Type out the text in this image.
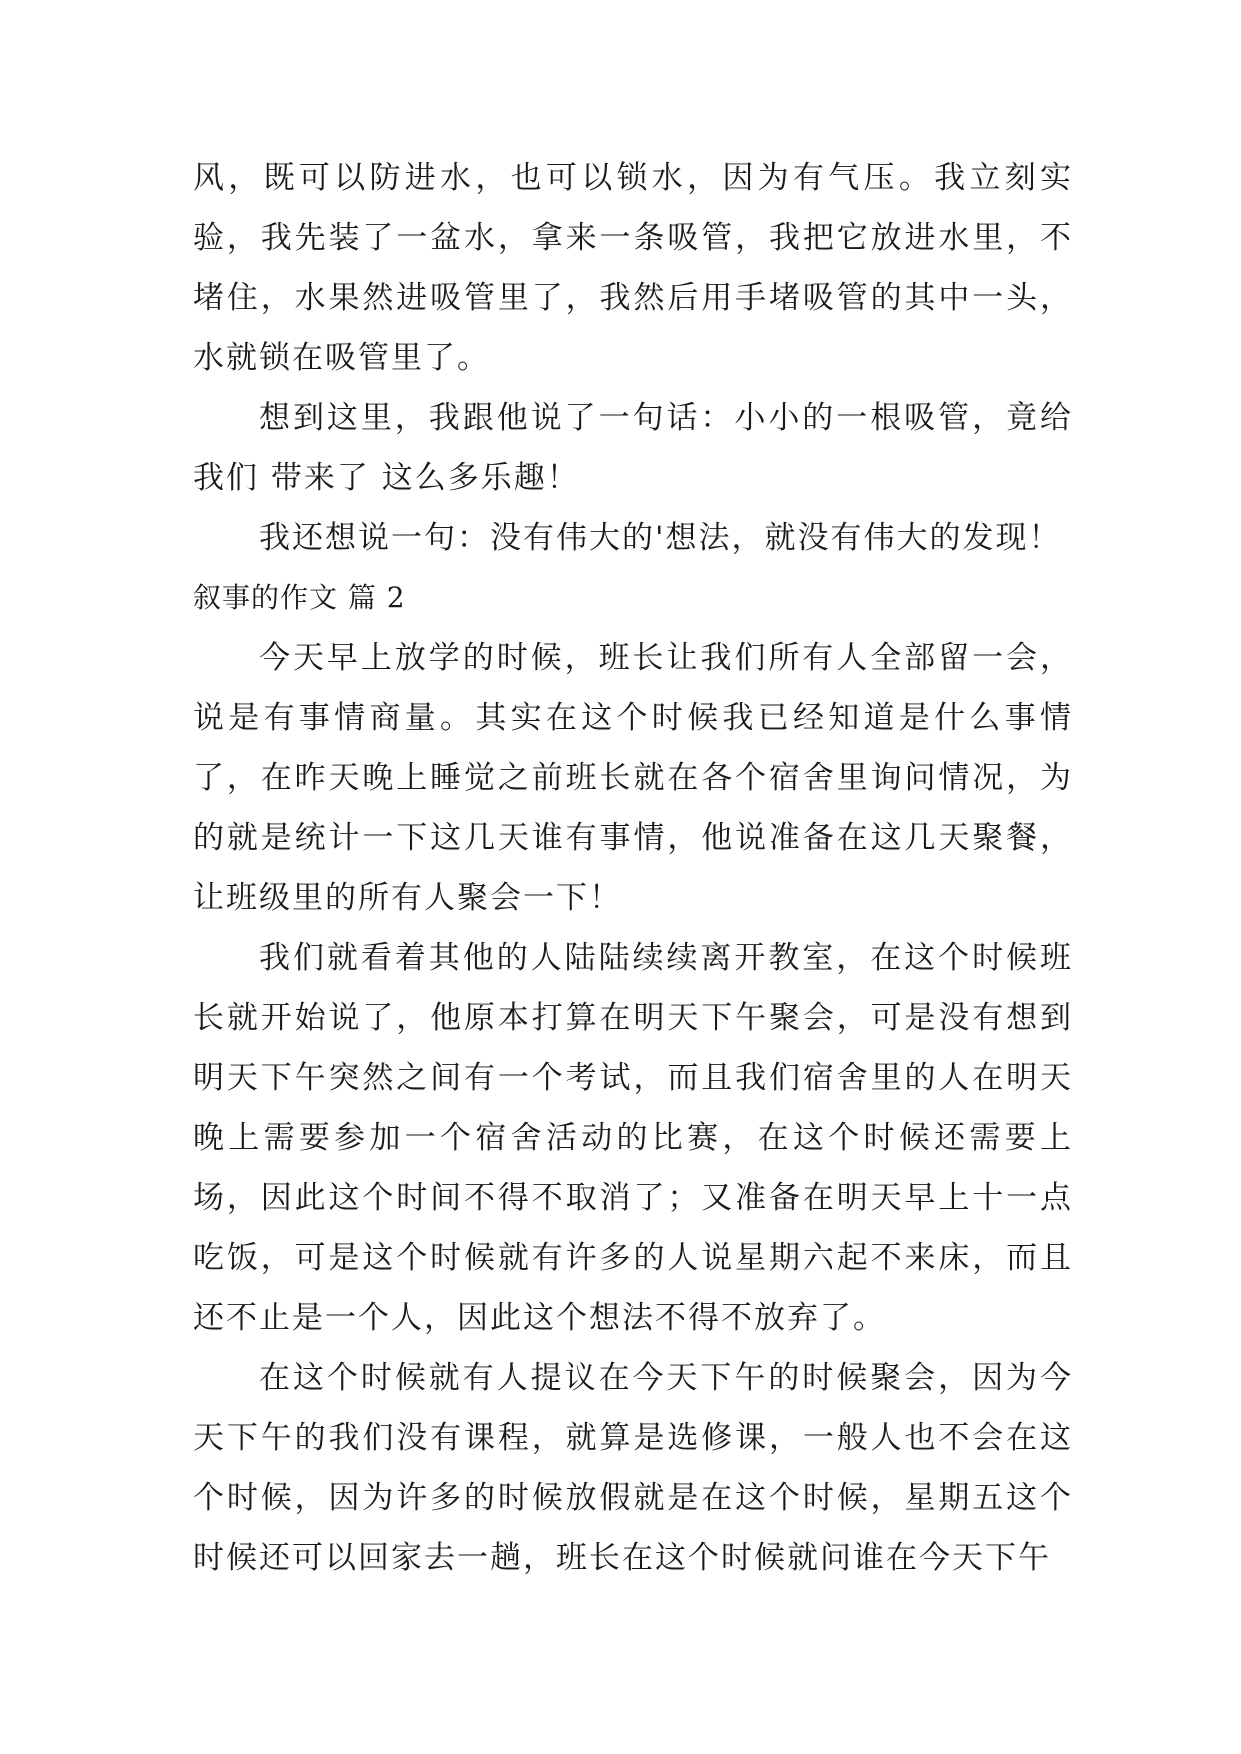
风，既可以防进水，也可以锁水，因为有气压。我立刻实验，我先装了一盆水，拿来一条吸管，我把它放进水里，不堵住，水果然进吸管里了，我然后用手堵吸管的其中一头，水就锁在吸管里了。

想到这里，我跟他说了一句话：小小的一根吸管，竟给我们 带来了 这么多乐趣！

我还想说一句：没有伟大的'想法，就没有伟大的发现！

叙事的作文 篇 2

今天早上放学的时候，班长让我们所有人全部留一会，说是有事情商量。其实在这个时候我已经知道是什么事情了，在昨天晚上睡觉之前班长就在各个宿舍里询问情况，为的就是统计一下这几天谁有事情，他说准备在这几天聚餐，让班级里的所有人聚会一下！

我们就看着其他的人陆陆续续离开教室，在这个时候班长就开始说了，他原本打算在明天下午聚会，可是没有想到明天下午突然之间有一个考试，而且我们宿舍里的人在明天晚上需要参加一个宿舍活动的比赛，在这个时候还需要上场，因此这个时间不得不取消了；又准备在明天早上十一点吃饭，可是这个时候就有许多的人说星期六起不来床，而且还不止是一个人，因此这个想法不得不放弃了。

在这个时候就有人提议在今天下午的时候聚会，因为今天下午的我们没有课程，就算是选修课，一般人也不会在这个时候，因为许多的时候放假就是在这个时候，星期五这个时候还可以回家去一趟，班长在这个时候就问谁在今天下午
